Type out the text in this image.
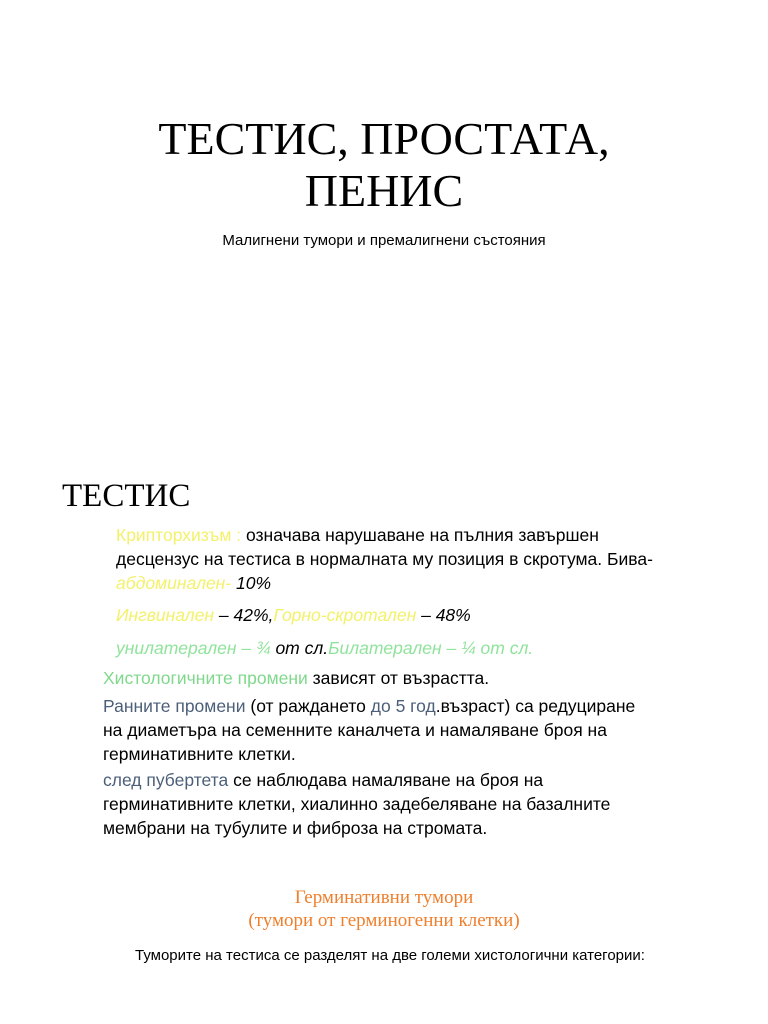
ТЕСТИС, ПРОСТАТА,
ПЕНИС
Малигнени тумори и премалигнени състояния
ТЕСТИС

Крипторхизъм : означава нарушаване на пълния завършен десцензус на тестиса в нормалната му позиция в скротума. Бива-абдоминален- 10%

Ингвинален – 42%,Горно-скротален – 48%

унилатерален – ¾ от сл.Билатерален – ¼ от сл.

Хистологичните промени зависят от възрастта.

Ранните промени (от раждането до 5 год.възраст) са редуциране на диаметъра на семенните каналчета и намаляване броя на герминативните клетки.

след пубертета се наблюдава намаляване на броя на герминативните клетки, хиалинно задебеляване на базалните мембрани на тубулите и фиброза на стромата.

Герминативни тумори
(тумори от герминогенни клетки)
Туморите на тестиса се разделят на две големи хистологични категории:
